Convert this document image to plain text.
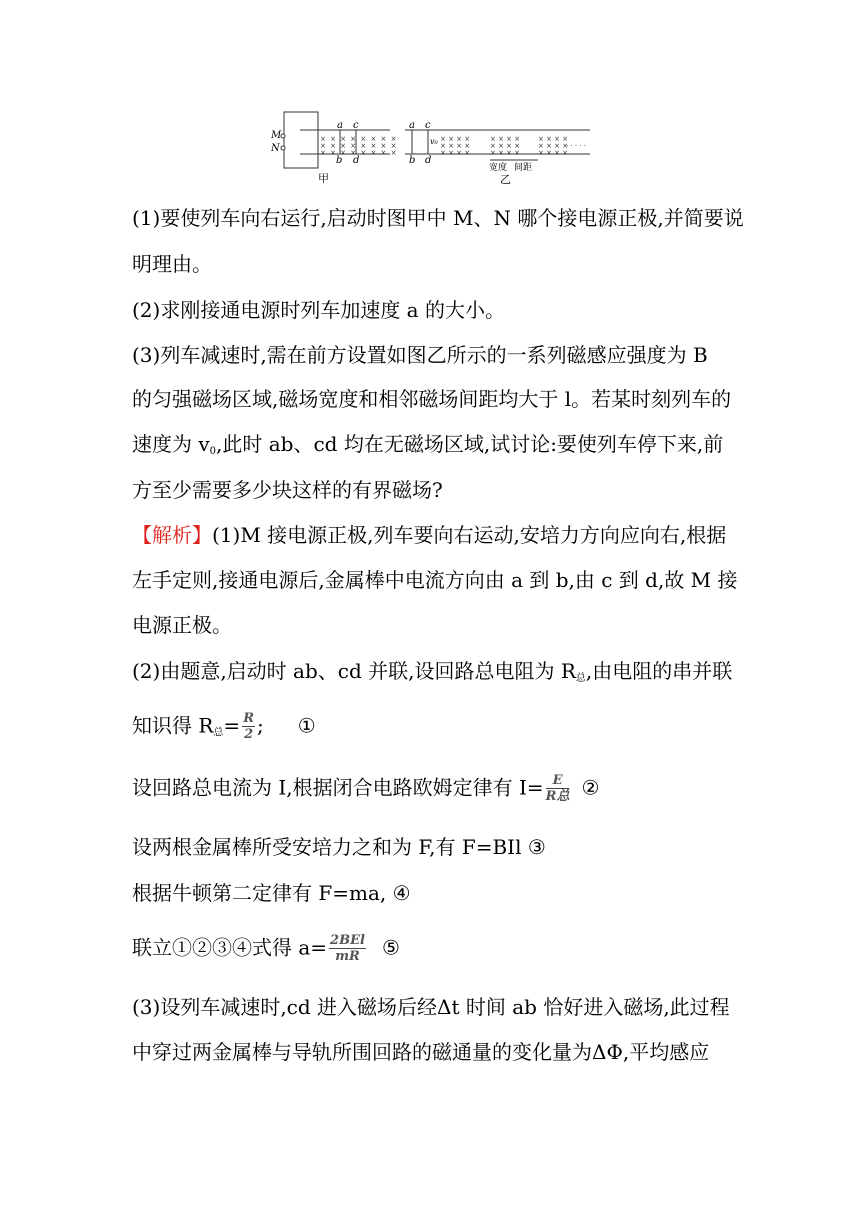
× × × × × × × ×
× × × × × × × ×
× × × × × × × ×
M
N
a c
b d
甲
× × × ×
× × × ×
× × × ×
× × × ×
× × × ×
× × × ×
× × × ×
× × × ×
× × × ×
· · · · ·
a c
b d
v₀
宽度 间距
乙
(1)要使列车向右运行,启动时图甲中 M、N 哪个接电源正极,并简要说
明理由。
(2)求刚接通电源时列车加速度 a 的大小。
(3)列车减速时,需在前方设置如图乙所示的一系列磁感应强度为 B
的匀强磁场区域,磁场宽度和相邻磁场间距均大于 l。若某时刻列车的
速度为 $v_0$,此时 ab、cd 均在无磁场区域,试讨论:要使列车停下来,前
方至少需要多少块这样的有界磁场?
【解析】(1)M 接电源正极,列车要向右运动,安培力方向应向右,根据
左手定则,接通电源后,金属棒中电流方向由 a 到 b,由 c 到 d,故 M 接
电源正极。
(2)由题意,启动时 ab、cd 并联,设回路总电阻为 $R_总$,由电阻的串并联
知识得 $R_总= \frac{R}{2}$ ; ①
设回路总电流为 I,根据闭合电路欧姆定律有 $I= \frac{E}{\text{R总}}$ ②
设两根金属棒所受安培力之和为 F,有 F=BIl ③
根据牛顿第二定律有 F=ma, ④
联立①②③④式得 $a= \frac{\text{2BEl}}{mR}$ ⑤
(3)设列车减速时,cd 进入磁场后经Δt 时间 ab 恰好进入磁场,此过程
中穿过两金属棒与导轨所围回路的磁通量的变化量为ΔΦ,平均感应
